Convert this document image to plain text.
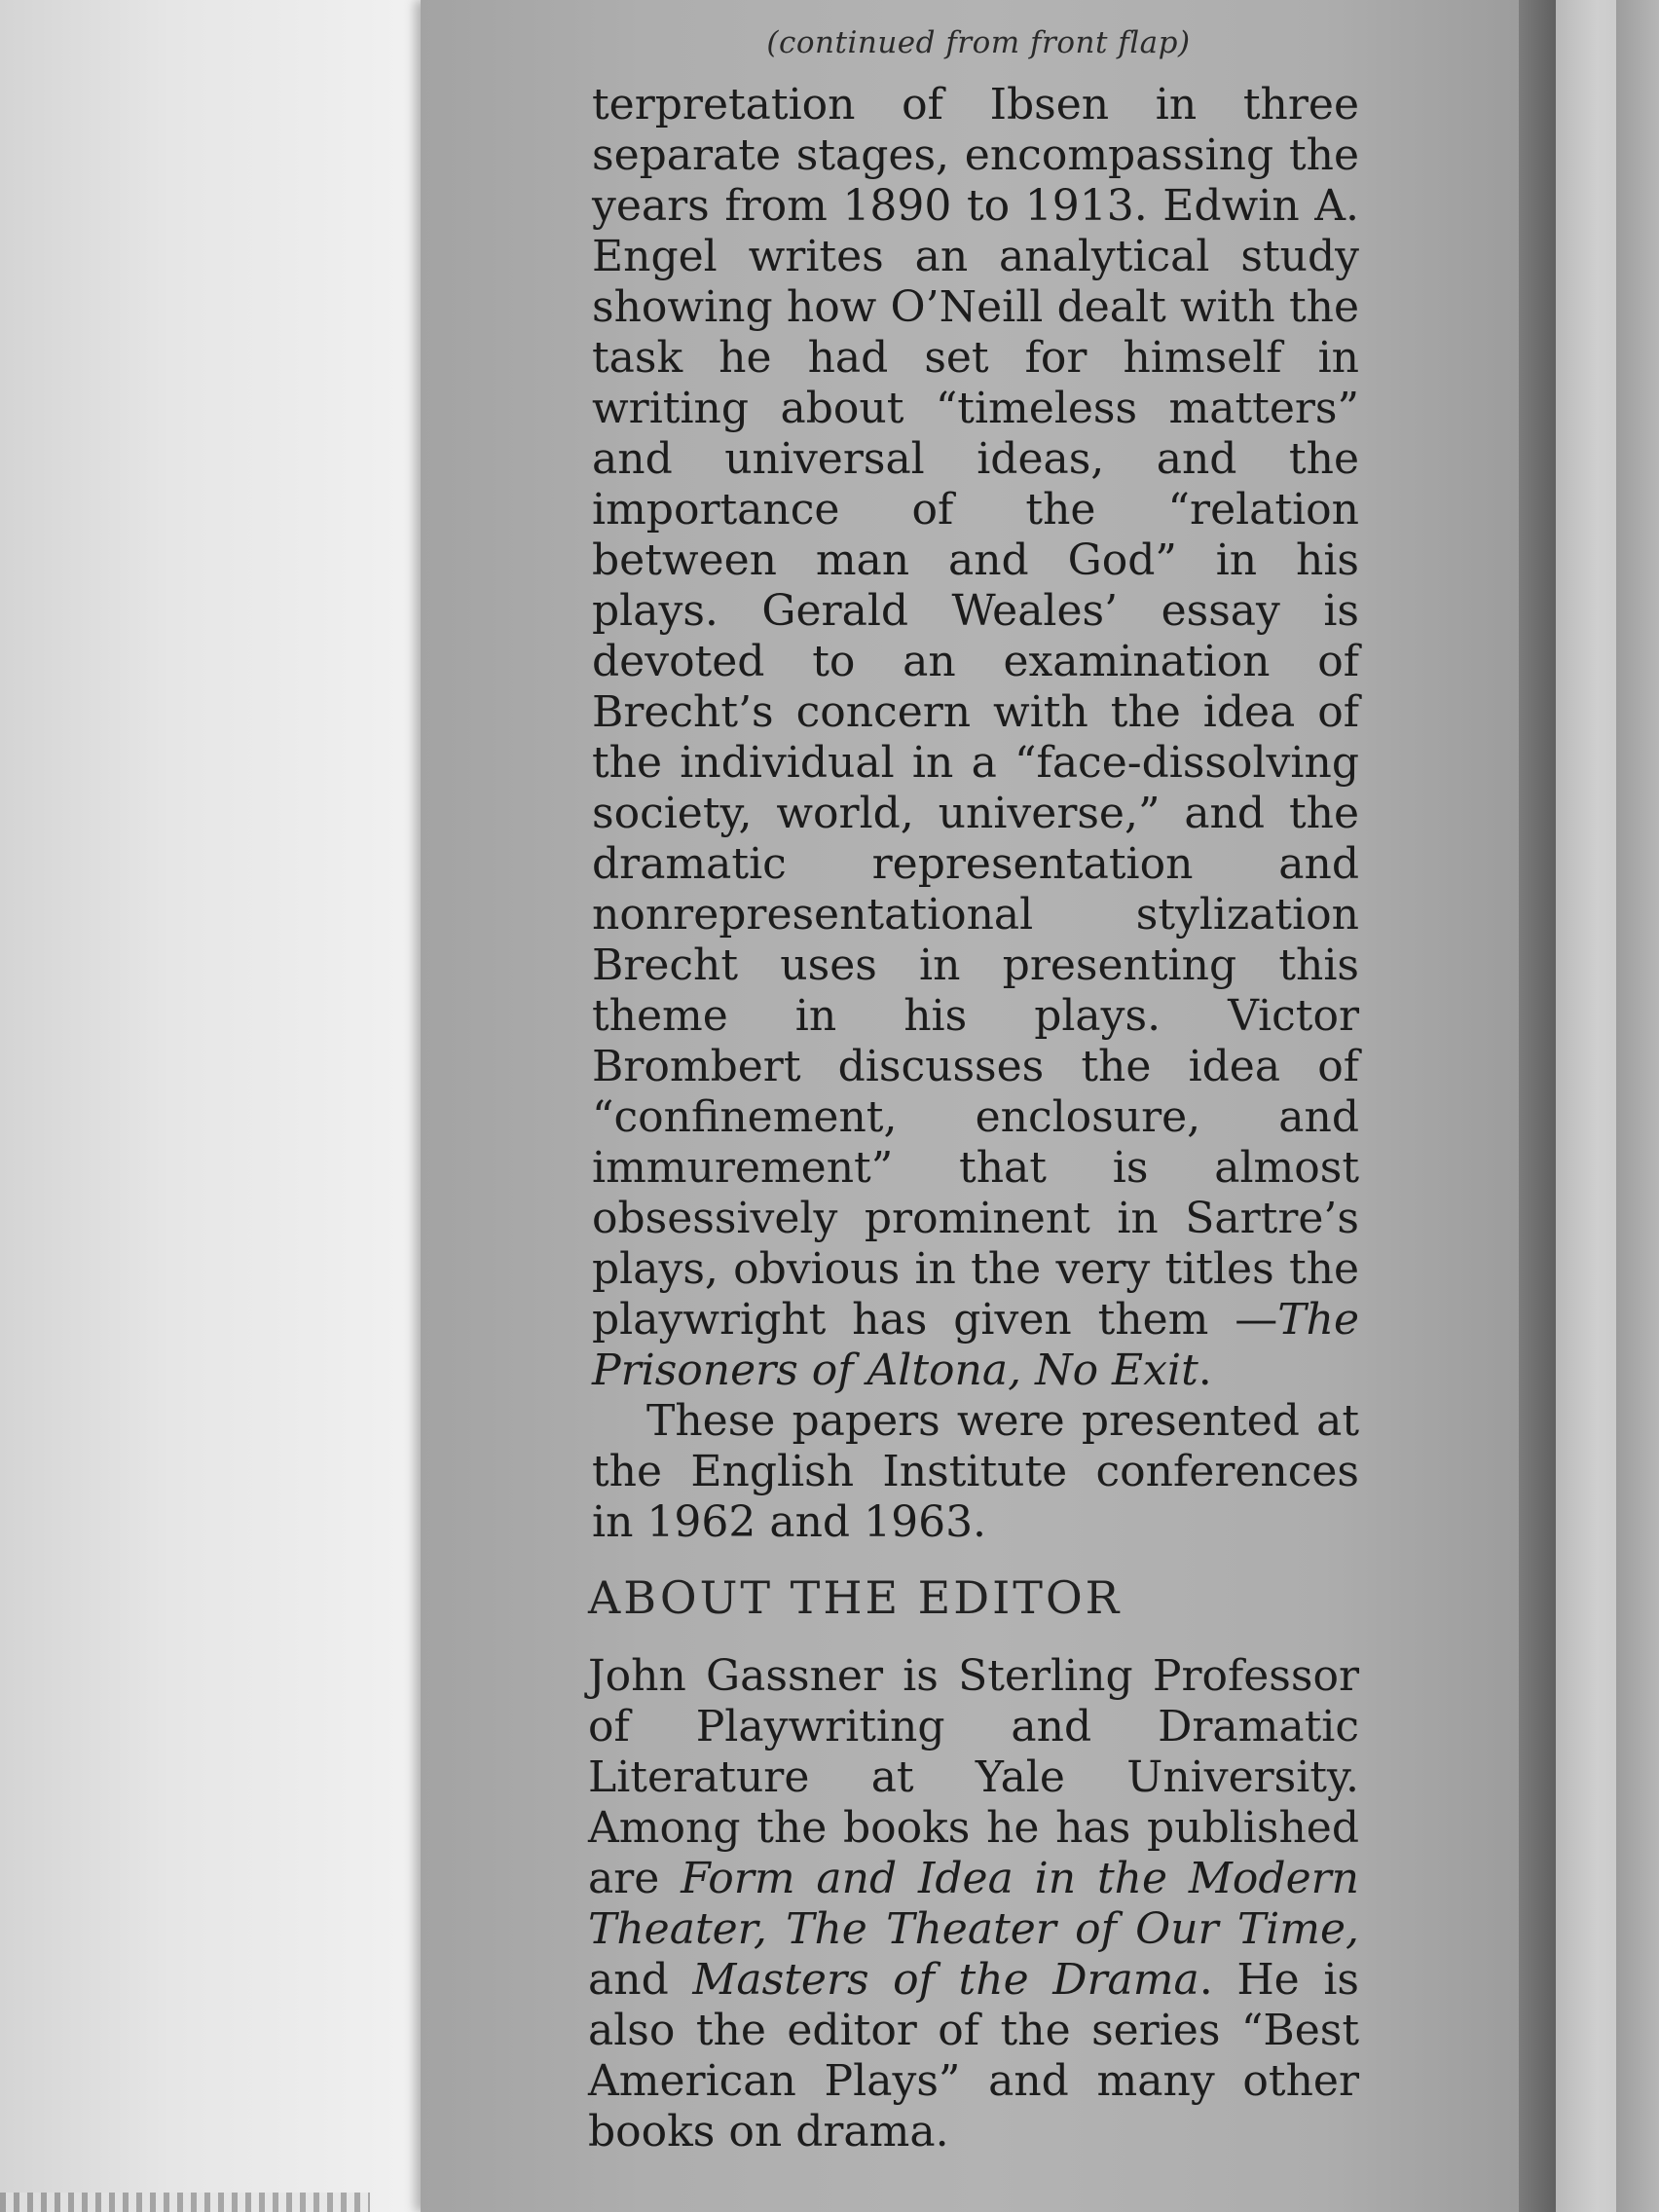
(continued from front flap)

terpretation of Ibsen in three separate stages, encompassing the years from 1890 to 1913. Edwin A. Engel writes an analytical study showing how O’Neill dealt with the task he had set for himself in writing about “timeless matters” and universal ideas, and the importance of the “relation between man and God” in his plays. Gerald Weales’ essay is devoted to an examination of Brecht’s concern with the idea of the individual in a “face-dissolving society, world, universe,” and the dramatic representation and nonrepresentational stylization Brecht uses in presenting this theme in his plays. Victor Brombert discusses the idea of “confinement, enclosure, and immurement” that is almost obsessively prominent in Sartre’s plays, obvious in the very titles the playwright has given them —The Prisoners of Altona, No Exit.

These papers were presented at the English Institute conferences in 1962 and 1963.

ABOUT THE EDITOR

John Gassner is Sterling Professor of Playwriting and Dramatic Literature at Yale University. Among the books he has published are Form and Idea in the Modern Theater, The Theater of Our Time, and Masters of the Drama. He is also the editor of the series “Best American Plays” and many other books on drama.
